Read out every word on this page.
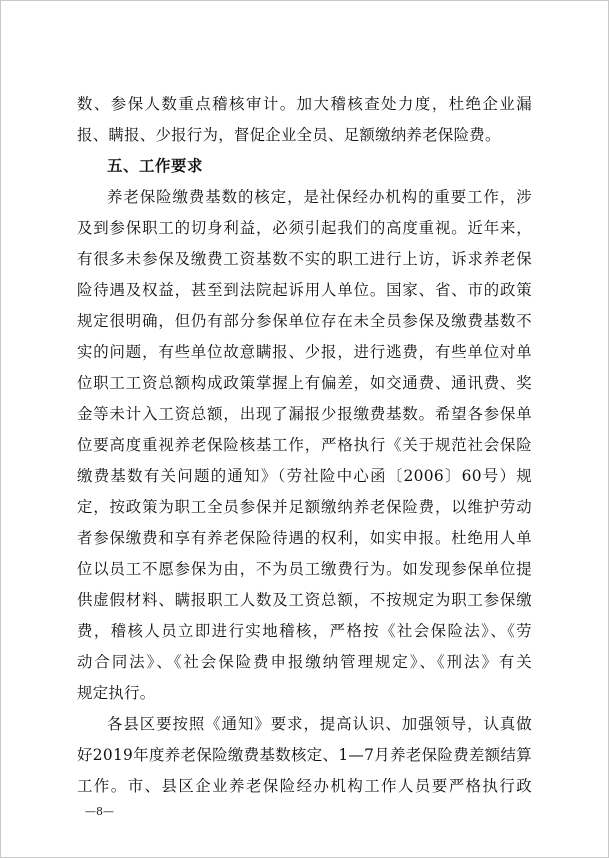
数、参保人数重点稽核审计。加大稽核查处力度，杜绝企业漏
报、瞒报、少报行为，督促企业全员、足额缴纳养老保险费。
五、工作要求
养老保险缴费基数的核定，是社保经办机构的重要工作，涉
及到参保职工的切身利益，必须引起我们的高度重视。近年来，
有很多未参保及缴费工资基数不实的职工进行上访，诉求养老保
险待遇及权益，甚至到法院起诉用人单位。国家、省、市的政策
规定很明确，但仍有部分参保单位存在未全员参保及缴费基数不
实的问题，有些单位故意瞒报、少报，进行逃费，有些单位对单
位职工工资总额构成政策掌握上有偏差，如交通费、通讯费、奖
金等未计入工资总额，出现了漏报少报缴费基数。希望各参保单
位要高度重视养老保险核基工作，严格执行《关于规范社会保险
缴费基数有关问题的通知》（劳社险中心函〔2006〕60号）规
定，按政策为职工全员参保并足额缴纳养老保险费，以维护劳动
者参保缴费和享有养老保险待遇的权利，如实申报。杜绝用人单
位以员工不愿参保为由，不为员工缴费行为。如发现参保单位提
供虚假材料、瞒报职工人数及工资总额，不按规定为职工参保缴
费，稽核人员立即进行实地稽核，严格按《社会保险法》、《劳
动合同法》、《社会保险费申报缴纳管理规定》、《刑法》有关
规定执行。
各县区要按照《通知》要求，提高认识、加强领导，认真做
好2019年度养老保险缴费基数核定、1—7月养老保险费差额结算
工作。市、县区企业养老保险经办机构工作人员要严格执行政
—8—
